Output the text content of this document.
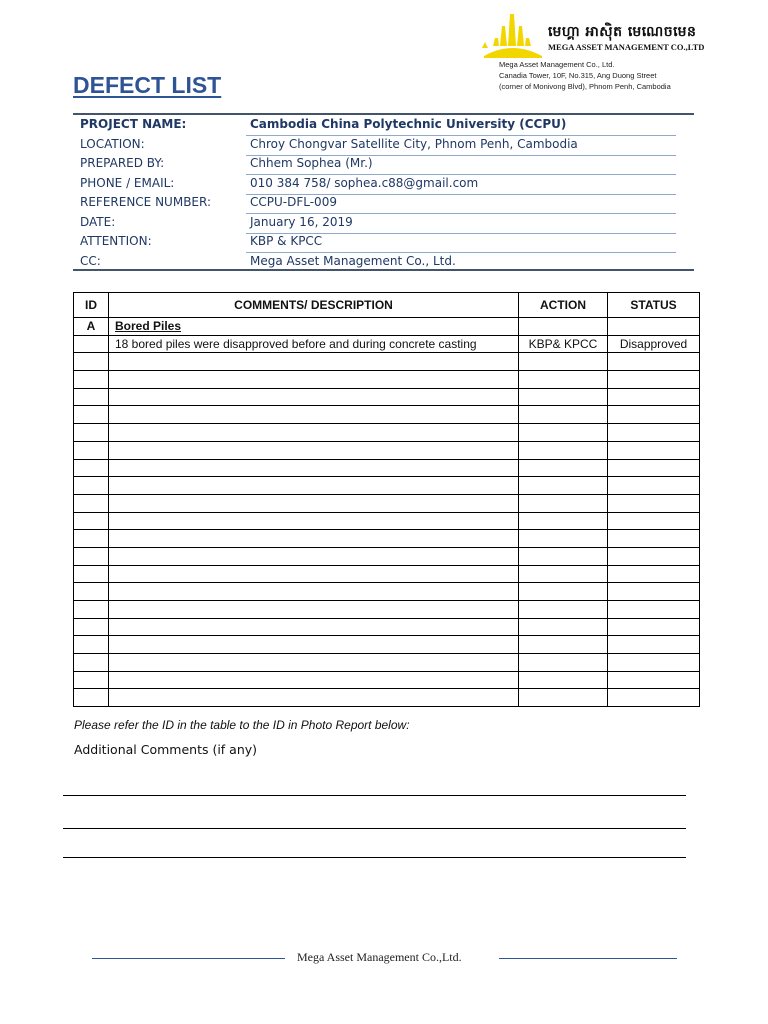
មេហ្គា អាស៊ិត មេណេចមេន
MEGA ASSET MANAGEMENT CO.,LTD
Mega Asset Management Co., Ltd.
Canadia Tower, 10F, No.315, Ang Duong Street
(corner of Monivong Blvd), Phnom Penh, Cambodia
DEFECT LIST
PROJECT NAME:	Cambodia China Polytechnic University (CCPU)
LOCATION:	Chroy Chongvar Satellite City, Phnom Penh, Cambodia
PREPARED BY:	Chhem Sophea (Mr.)
PHONE / EMAIL:	010 384 758/ sophea.c88@gmail.com
REFERENCE NUMBER:	CCPU-DFL-009
DATE:	January 16, 2019
ATTENTION:	KBP & KPCC
CC:	Mega Asset Management Co., Ltd.
ID	COMMENTS/ DESCRIPTION	ACTION	STATUS
A	Bored Piles		
	18 bored piles were disapproved before and during concrete casting	KBP& KPCC	Disapproved

Please refer the ID in the table to the ID in Photo Report below:
Additional Comments (if any)
Mega Asset Management Co.,Ltd.
